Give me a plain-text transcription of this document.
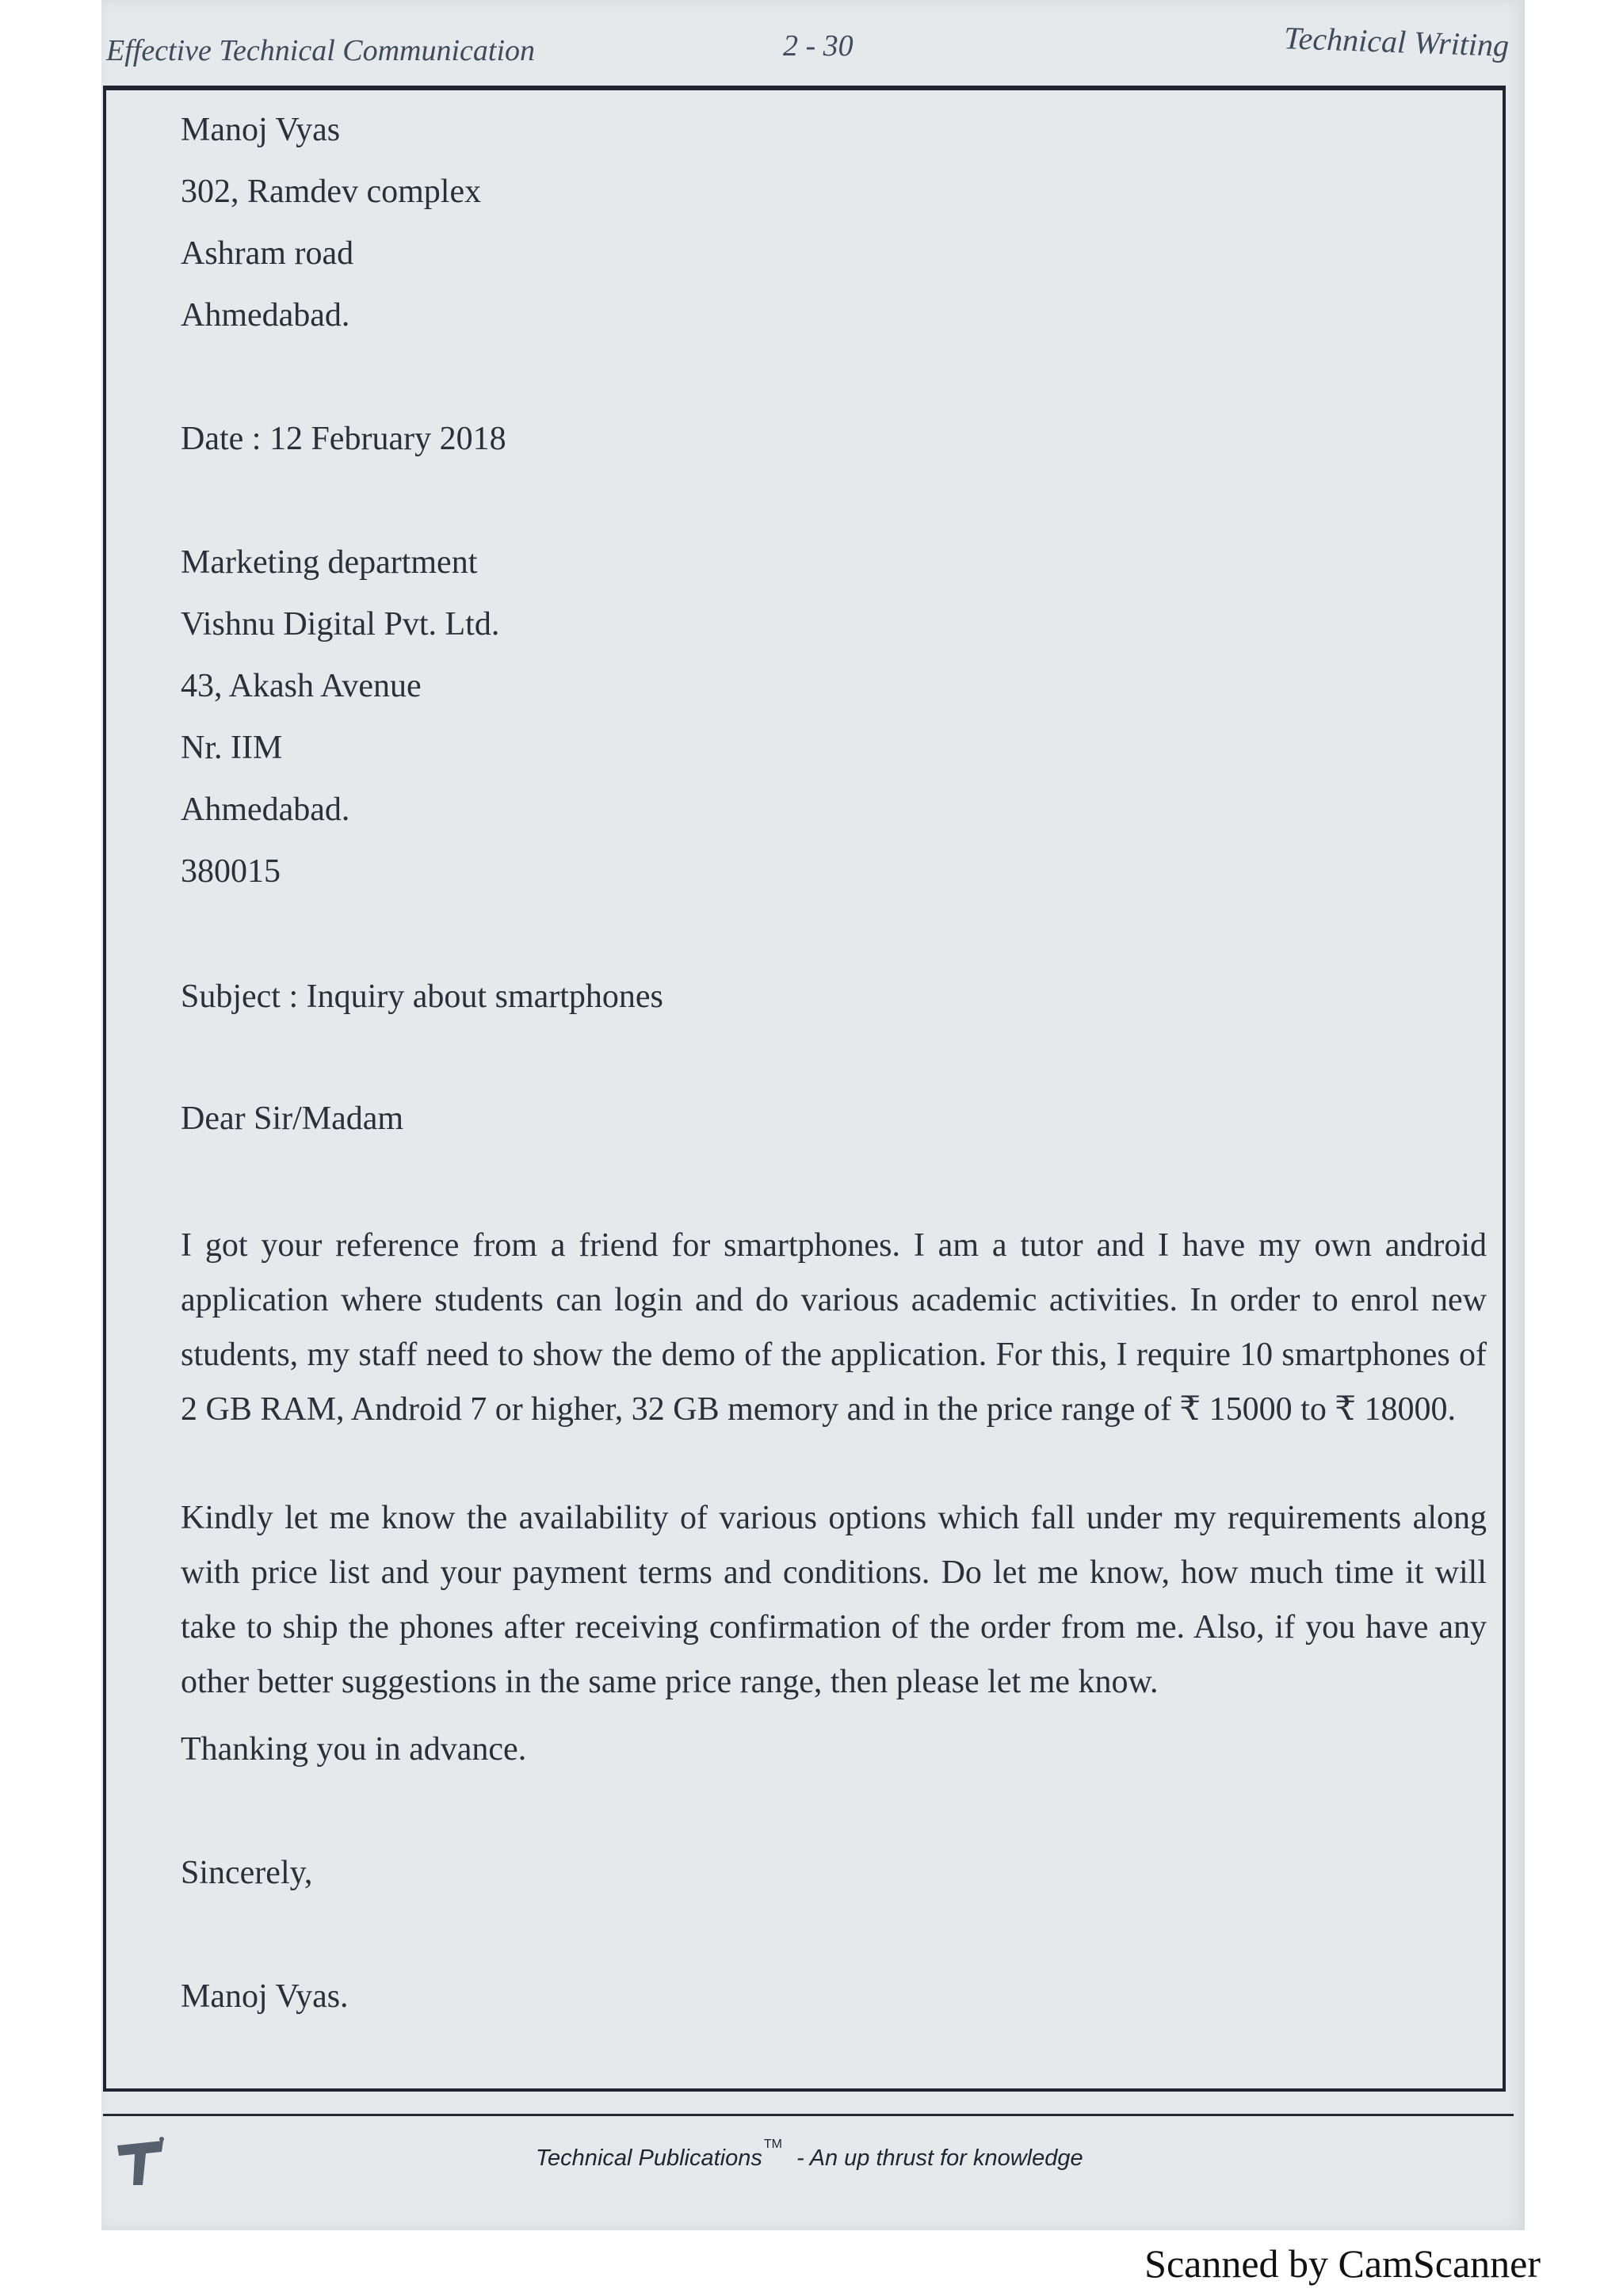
Effective Technical Communication	2 - 30	Technical Writing
Manoj Vyas
302, Ramdev complex
Ashram road
Ahmedabad.
Date : 12 February 2018
Marketing department
Vishnu Digital Pvt. Ltd.
43, Akash Avenue
Nr. IIM
Ahmedabad.
380015
Subject : Inquiry about smartphones
Dear Sir/Madam
I got your reference from a friend for smartphones. I am a tutor and I have my own android application where students can login and do various academic activities. In order to enrol new students, my staff need to show the demo of the application. For this, I require 10 smartphones of 2 GB RAM, Android 7 or higher, 32 GB memory and in the price range of ₹ 15000 to ₹ 18000.
Kindly let me know the availability of various options which fall under my requirements along with price list and your payment terms and conditions. Do let me know, how much time it will take to ship the phones after receiving confirmation of the order from me. Also, if you have any other better suggestions in the same price range, then please let me know.
Thanking you in advance.
Sincerely,
Manoj Vyas.
Technical Publications™- An up thrust for knowledge
Scanned by CamScanner
